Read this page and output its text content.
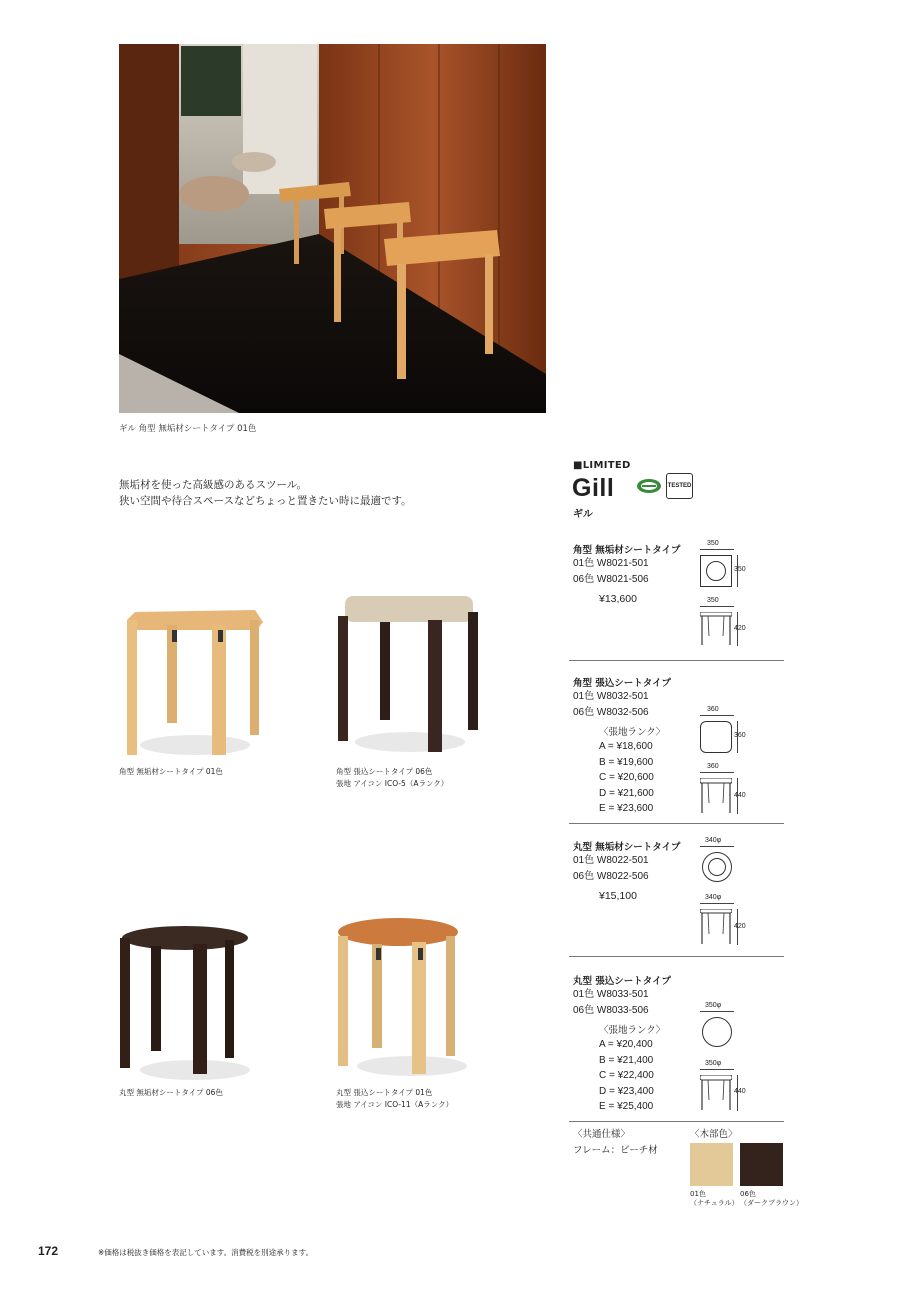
ギル 角型 無垢材シートタイプ 01色
無垢材を使った高級感のあるスツール。
狭い空間や待合スペースなどちょっと置きたい時に最適です。
角型 無垢材シートタイプ 01色	角型 張込シートタイプ 06色
張地 アイコン ICO-5（Aランク）
丸型 無垢材シートタイプ 06色	丸型 張込シートタイプ 01色
張地 アイコン ICO-11（Aランク）
■LIMITED
Gill
ギル
TESTED
角型 無垢材シートタイプ
01色 W8021-501
06色 W8021-506
¥13,600
350
350
350
420
角型 張込シートタイプ
01色 W8032-501
06色 W8032-506
〈張地ランク〉
A = ¥18,600
B = ¥19,600
C = ¥20,600
D = ¥21,600
E = ¥23,600
360
360
360
440
丸型 無垢材シートタイプ
01色 W8022-501
06色 W8022-506
¥15,100
340φ
340φ
420
丸型 張込シートタイプ
01色 W8033-501
06色 W8033-506
〈張地ランク〉
A = ¥20,400
B = ¥21,400
C = ¥22,400
D = ¥23,400
E = ¥25,400
350φ
350φ
440
〈共通仕様〉
フレーム：ビーチ材
〈木部色〉
01色
（ナチュラル）
06色
（ダークブラウン）
172	※価格は税抜き価格を表記しています。消費税を別途承ります。
